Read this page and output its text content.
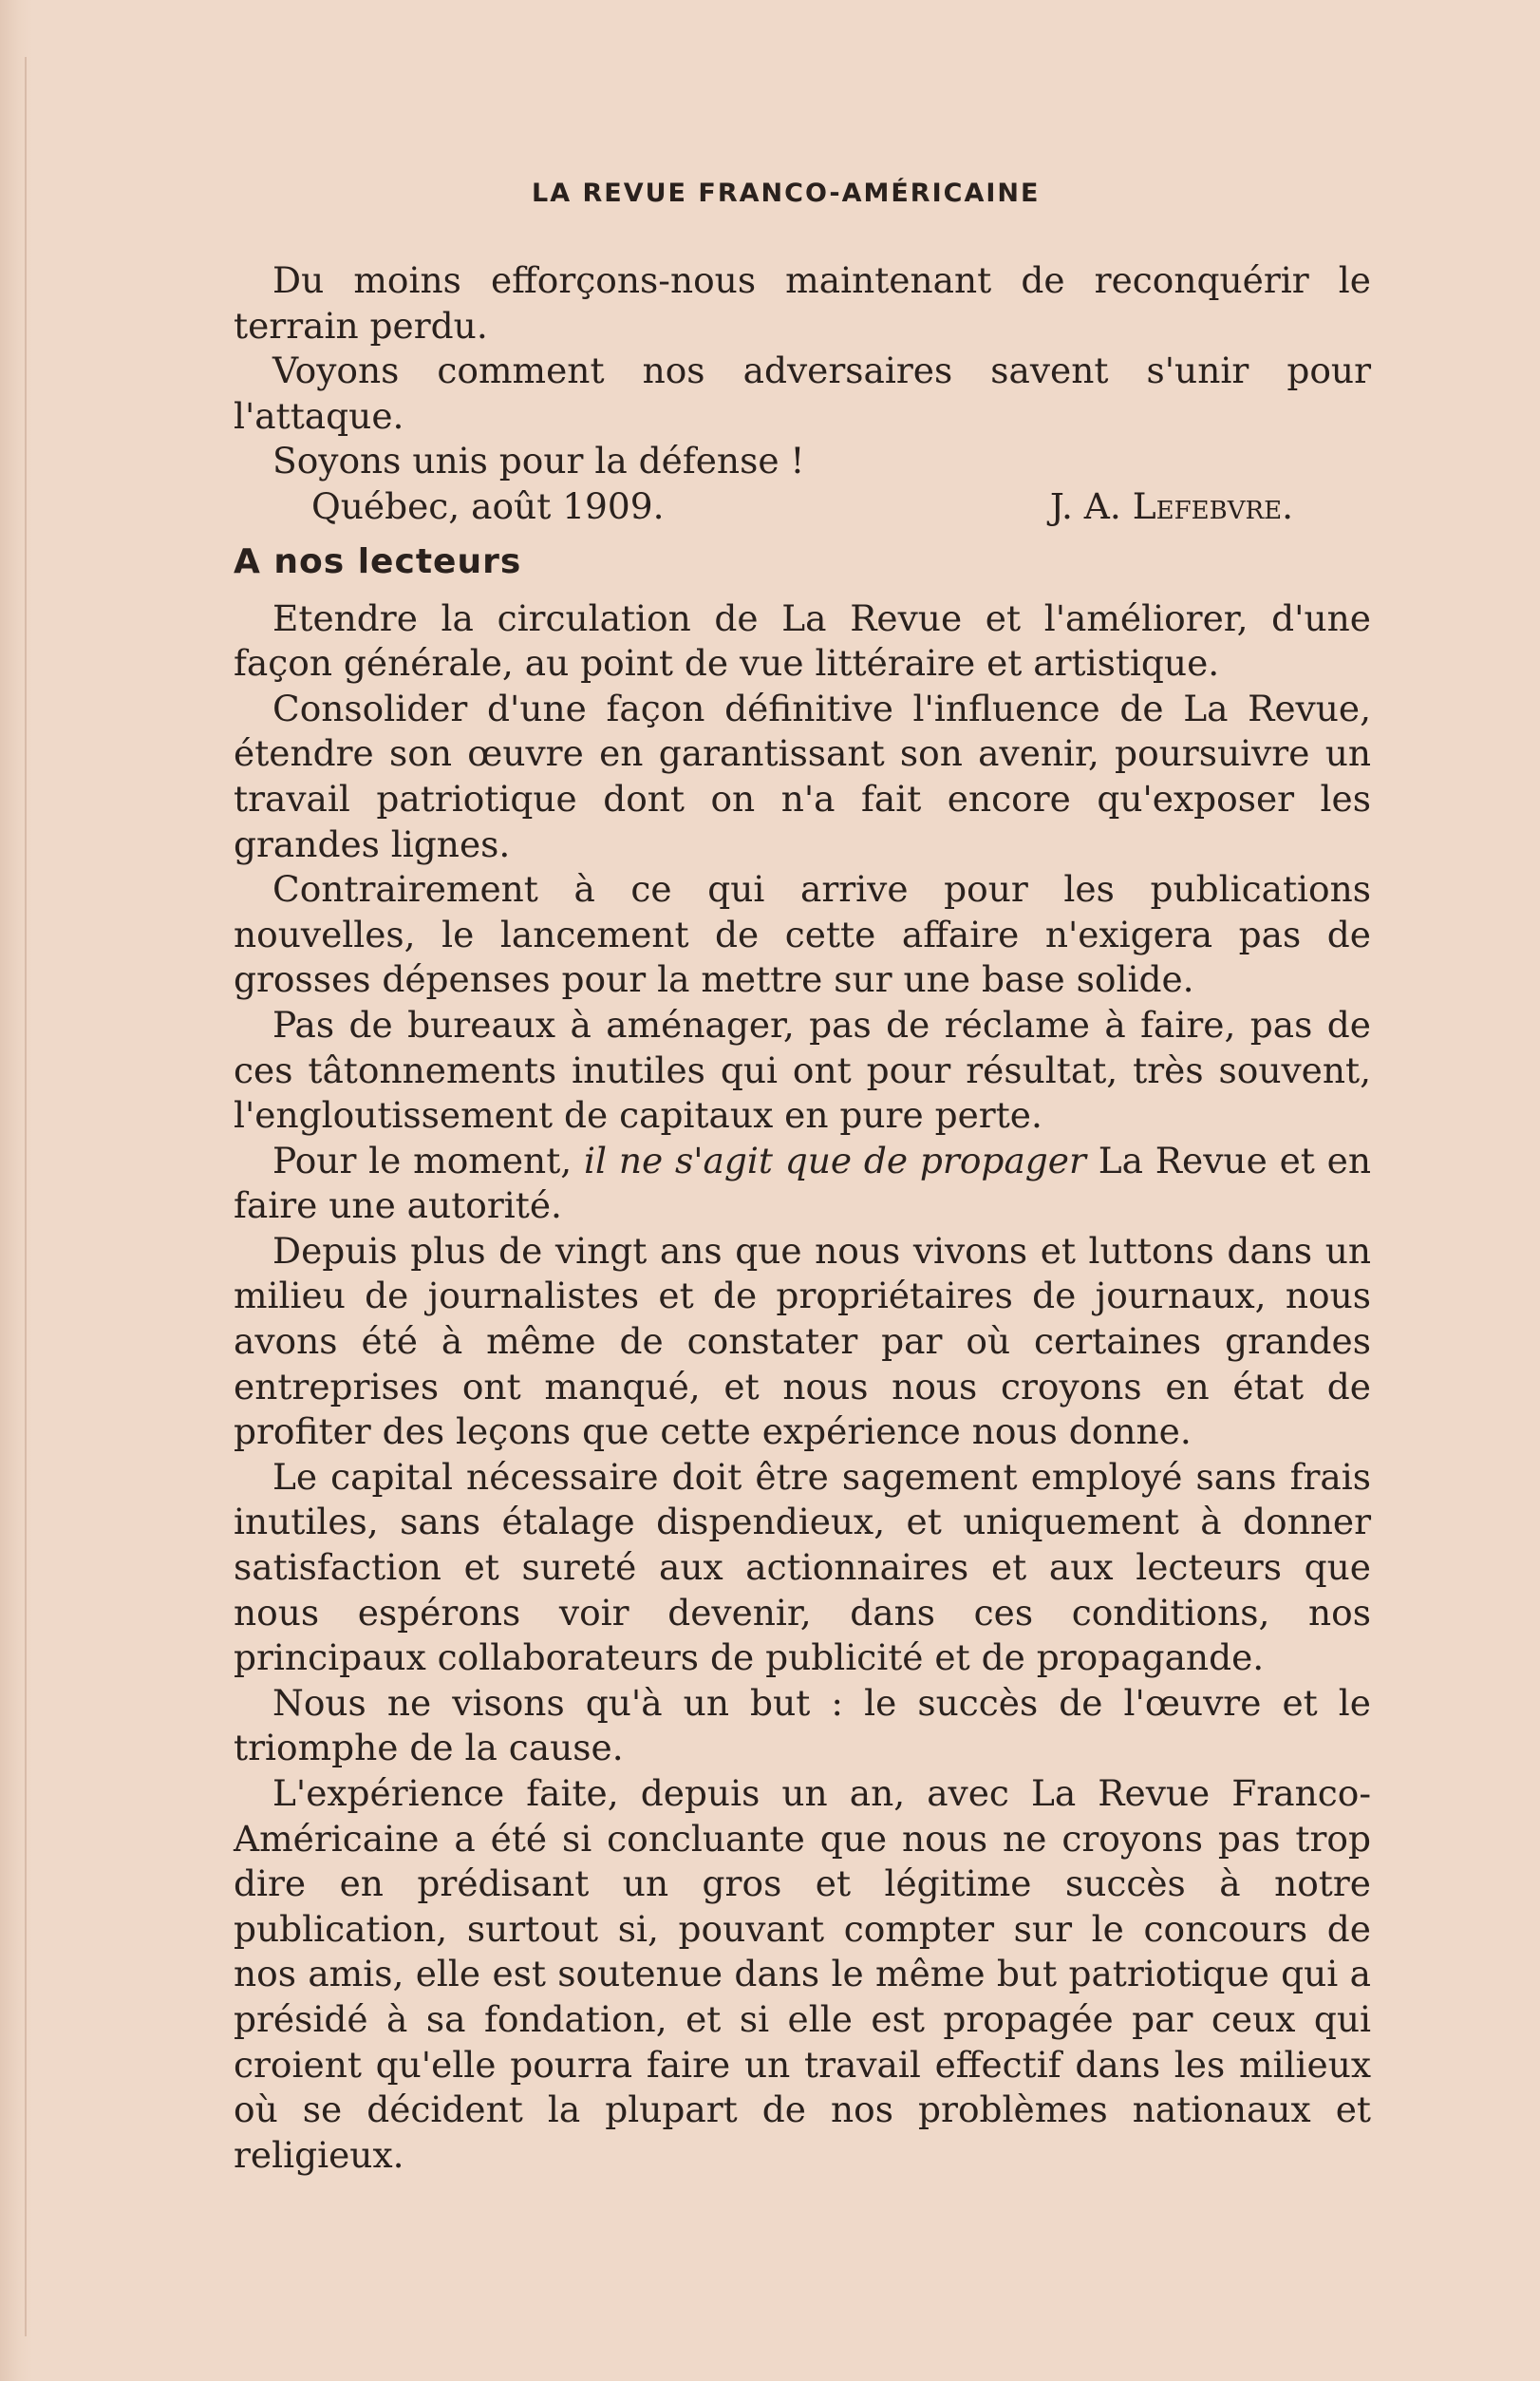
LA REVUE FRANCO-AMÉRICAINE

Du moins efforçons-nous maintenant de reconquérir le terrain perdu.

Voyons comment nos adversaires savent s'unir pour l'attaque.

Soyons unis pour la défense !

Québec, août 1909.	J. A. Lefebvre.
A nos lecteurs

Etendre la circulation de La Revue et l'améliorer, d'une façon générale, au point de vue littéraire et artistique.

Consolider d'une façon définitive l'influence de La Revue, étendre son œuvre en garantissant son avenir, poursuivre un travail patriotique dont on n'a fait encore qu'exposer les grandes lignes.

Contrairement à ce qui arrive pour les publications nouvelles, le lancement de cette affaire n'exigera pas de grosses dépenses pour la mettre sur une base solide.

Pas de bureaux à aménager, pas de réclame à faire, pas de ces tâtonnements inutiles qui ont pour résultat, très souvent, l'engloutissement de capitaux en pure perte.

Pour le moment, il ne s'agit que de propager La Revue et en faire une autorité.

Depuis plus de vingt ans que nous vivons et luttons dans un milieu de journalistes et de propriétaires de journaux, nous avons été à même de constater par où certaines grandes entreprises ont manqué, et nous nous croyons en état de profiter des leçons que cette expérience nous donne.

Le capital nécessaire doit être sagement employé sans frais inutiles, sans étalage dispendieux, et uniquement à donner satisfaction et sureté aux actionnaires et aux lecteurs que nous espérons voir devenir, dans ces conditions, nos principaux collaborateurs de publicité et de propagande.

Nous ne visons qu'à un but : le succès de l'œuvre et le triomphe de la cause.

L'expérience faite, depuis un an, avec La Revue Franco-Américaine a été si concluante que nous ne croyons pas trop dire en prédisant un gros et légitime succès à notre publication, surtout si, pouvant compter sur le concours de nos amis, elle est soutenue dans le même but patriotique qui a présidé à sa fondation, et si elle est propagée par ceux qui croient qu'elle pourra faire un travail effectif dans les milieux où se décident la plupart de nos problèmes nationaux et religieux.
